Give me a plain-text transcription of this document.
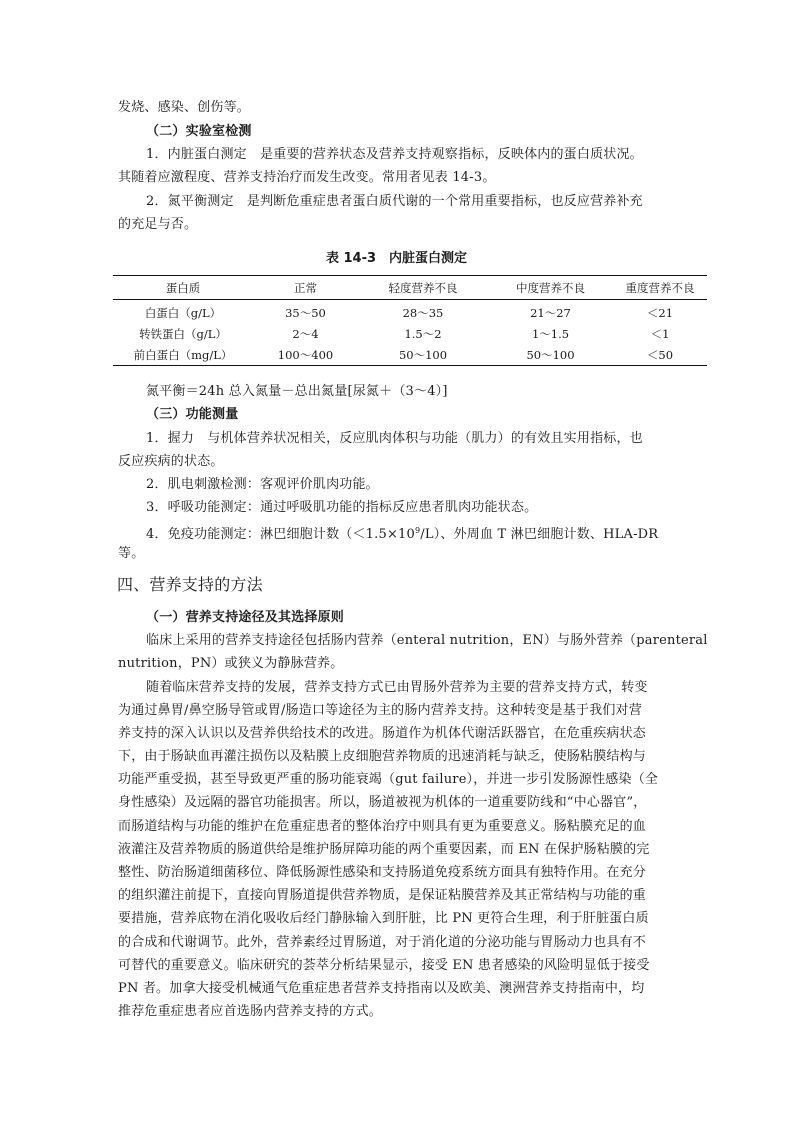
发烧、感染、创伤等。
（二）实验室检测
1．内脏蛋白测定　是重要的营养状态及营养支持观察指标，反映体内的蛋白质状况。
其随着应激程度、营养支持治疗而发生改变。常用者见表 14-3。
2．氮平衡测定　是判断危重症患者蛋白质代谢的一个常用重要指标，也反应营养补充
的充足与否。
表 14-3　内脏蛋白测定
蛋白质	正常	轻度营养不良	中度营养不良	重度营养不良
白蛋白（g/L）	35～50	28～35	21～27	＜21
转铁蛋白（g/L）	2～4	1.5～2	1～1.5	＜1
前白蛋白（mg/L）	100～400	50～100	50～100	＜50
氮平衡＝24h 总入氮量－总出氮量[尿氮＋（3～4）]
（三）功能测量
1．握力　与机体营养状况相关，反应肌肉体积与功能（肌力）的有效且实用指标，也
反应疾病的状态。
2．肌电刺激检测：客观评价肌肉功能。
3．呼吸功能测定：通过呼吸肌功能的指标反应患者肌肉功能状态。
4．免疫功能测定：淋巴细胞计数$(<1.5\times 10^9/L)$、外周血 T 淋巴细胞计数、HLA-DR
等。
四、营养支持的方法
（一）营养支持途径及其选择原则
临床上采用的营养支持途径包括肠内营养（enteral nutrition，EN）与肠外营养（parenteral
nutrition，PN）或狭义为静脉营养。
随着临床营养支持的发展，营养支持方式已由胃肠外营养为主要的营养支持方式，转变
为通过鼻胃/鼻空肠导管或胃/肠造口等途径为主的肠内营养支持。这种转变是基于我们对营
养支持的深入认识以及营养供给技术的改进。肠道作为机体代谢活跃器官，在危重疾病状态
下，由于肠缺血再灌注损伤以及粘膜上皮细胞营养物质的迅速消耗与缺乏，使肠粘膜结构与
功能严重受损，甚至导致更严重的肠功能衰竭（gut failure），并进一步引发肠源性感染（全
身性感染）及远隔的器官功能损害。所以，肠道被视为机体的一道重要防线和“中心器官”，
而肠道结构与功能的维护在危重症患者的整体治疗中则具有更为重要意义。肠粘膜充足的血
液灌注及营养物质的肠道供给是维护肠屏障功能的两个重要因素，而 EN 在保护肠粘膜的完
整性、防治肠道细菌移位、降低肠源性感染和支持肠道免疫系统方面具有独特作用。在充分
的组织灌注前提下，直接向胃肠道提供营养物质，是保证粘膜营养及其正常结构与功能的重
要措施，营养底物在消化吸收后经门静脉输入到肝脏，比 PN 更符合生理，利于肝脏蛋白质
的合成和代谢调节。此外，营养素经过胃肠道，对于消化道的分泌功能与胃肠动力也具有不
可替代的重要意义。临床研究的荟萃分析结果显示，接受 EN 患者感染的风险明显低于接受
PN 者。加拿大接受机械通气危重症患者营养支持指南以及欧美、澳洲营养支持指南中，均
推荐危重症患者应首选肠内营养支持的方式。
